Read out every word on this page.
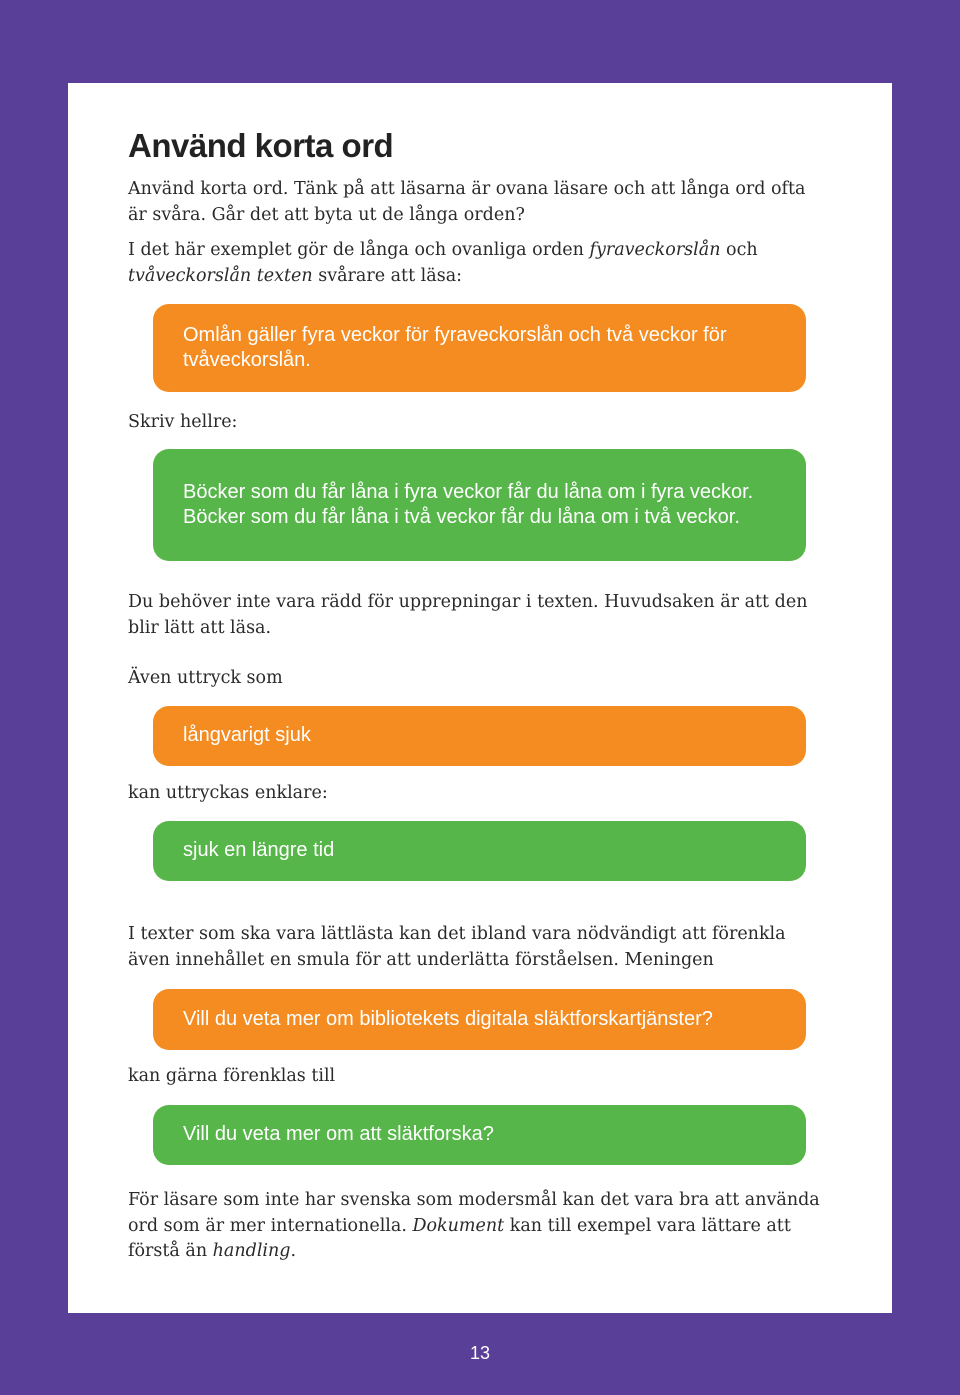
Använd korta ord

Använd korta ord. Tänk på att läsarna är ovana läsare och att långa ord ofta är svåra. Går det att byta ut de långa orden?

I det här exemplet gör de långa och ovanliga orden fyraveckorslån och tvåveckorslån texten svårare att läsa:

Omlån gäller fyra veckor för fyraveckorslån och två veckor för tvåveckorslån.

Skriv hellre:

Böcker som du får låna i fyra veckor får du låna om i fyra veckor. Böcker som du får låna i två veckor får du låna om i två veckor.

Du behöver inte vara rädd för upprepningar i texten. Huvudsaken är att den blir lätt att läsa.

Även uttryck som

långvarigt sjuk

kan uttryckas enklare:

sjuk en längre tid

I texter som ska vara lättlästa kan det ibland vara nödvändigt att förenkla även innehållet en smula för att underlätta förståelsen. Meningen

Vill du veta mer om bibliotekets digitala släktforskartjänster?

kan gärna förenklas till

Vill du veta mer om att släktforska?

För läsare som inte har svenska som modersmål kan det vara bra att använda ord som är mer internationella. Dokument kan till exempel vara lättare att förstå än handling.

13
